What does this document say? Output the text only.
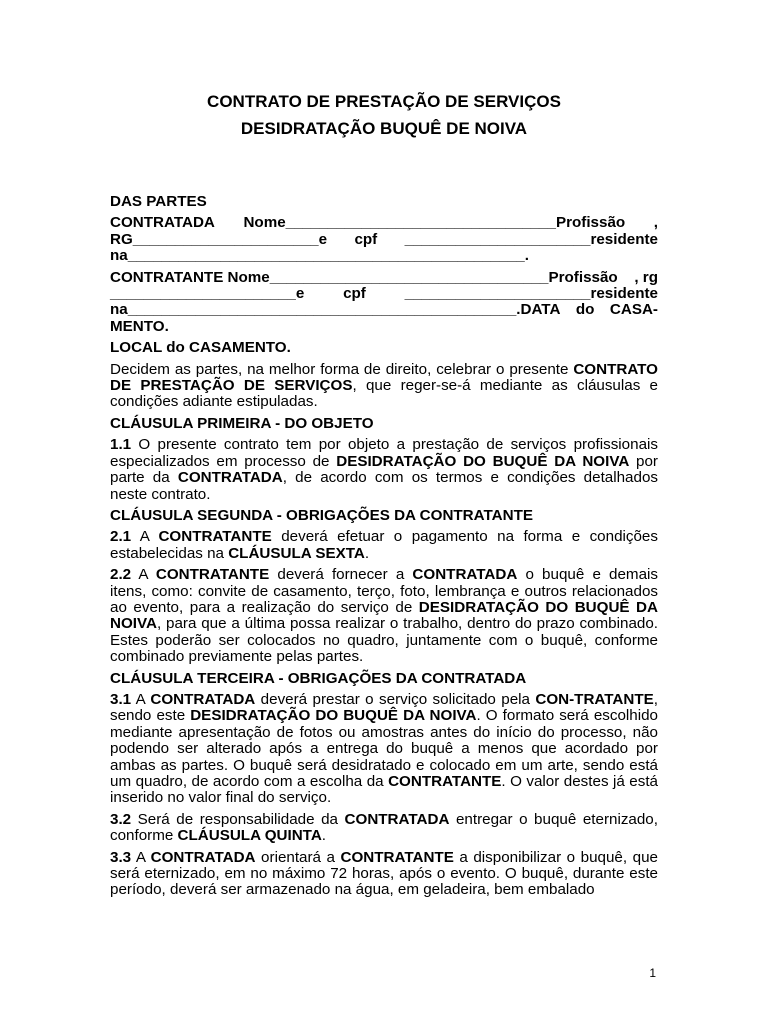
CONTRATO DE PRESTAÇÃO DE SERVIÇOS
DESIDRATAÇÃO BUQUÊ DE NOIVA
DAS PARTES
CONTRATADA Nome________________________________Profissão ,
RG______________________e cpf ______________________residente
na_______________________________________________.
CONTRATANTE Nome_________________________________Profissão , rg
______________________e	cpf	______________________residente
na______________________________________________.DATA do CASA-
MENTO.
LOCAL do CASAMENTO.

Decidem as partes, na melhor forma de direito, celebrar o presente CONTRATO DE PRESTAÇÃO DE SERVIÇOS, que reger-se-á mediante as cláusulas e condições adiante estipuladas.

CLÁUSULA PRIMEIRA - DO OBJETO

1.1 O presente contrato tem por objeto a prestação de serviços profissionais especializados em processo de DESIDRATAÇÃO DO BUQUÊ DA NOIVA por parte da CONTRATADA, de acordo com os termos e condições detalhados neste contrato.

CLÁUSULA SEGUNDA - OBRIGAÇÕES DA CONTRATANTE

2.1 A CONTRATANTE deverá efetuar o pagamento na forma e condições estabelecidas na CLÁUSULA SEXTA.

2.2 A CONTRATANTE deverá fornecer a CONTRATADA o buquê e demais itens, como: convite de casamento, terço, foto, lembrança e outros relacionados ao evento, para a realização do serviço de DESIDRATAÇÃO DO BUQUÊ DA NOIVA, para que a última possa realizar o trabalho, dentro do prazo combinado. Estes poderão ser colocados no quadro, juntamente com o buquê, conforme combinado previamente pelas partes.

CLÁUSULA TERCEIRA - OBRIGAÇÕES DA CONTRATADA

3.1 A CONTRATADA deverá prestar o serviço solicitado pela CON-TRATANTE, sendo este DESIDRATAÇÃO DO BUQUÊ DA NOIVA. O formato será escolhido mediante apresentação de fotos ou amostras antes do início do processo, não podendo ser alterado após a entrega do buquê a menos que acordado por ambas as partes. O buquê será desidratado e colocado em um arte, sendo está um quadro, de acordo com a escolha da CONTRATANTE. O valor destes já está inserido no valor final do serviço.

3.2 Será de responsabilidade da CONTRATADA entregar o buquê eternizado, conforme CLÁUSULA QUINTA.

3.3 A CONTRATADA orientará a CONTRATANTE a disponibilizar o buquê, que será eternizado, em no máximo 72 horas, após o evento. O buquê, durante este período, deverá ser armazenado na água, em geladeira, bem embalado

1
